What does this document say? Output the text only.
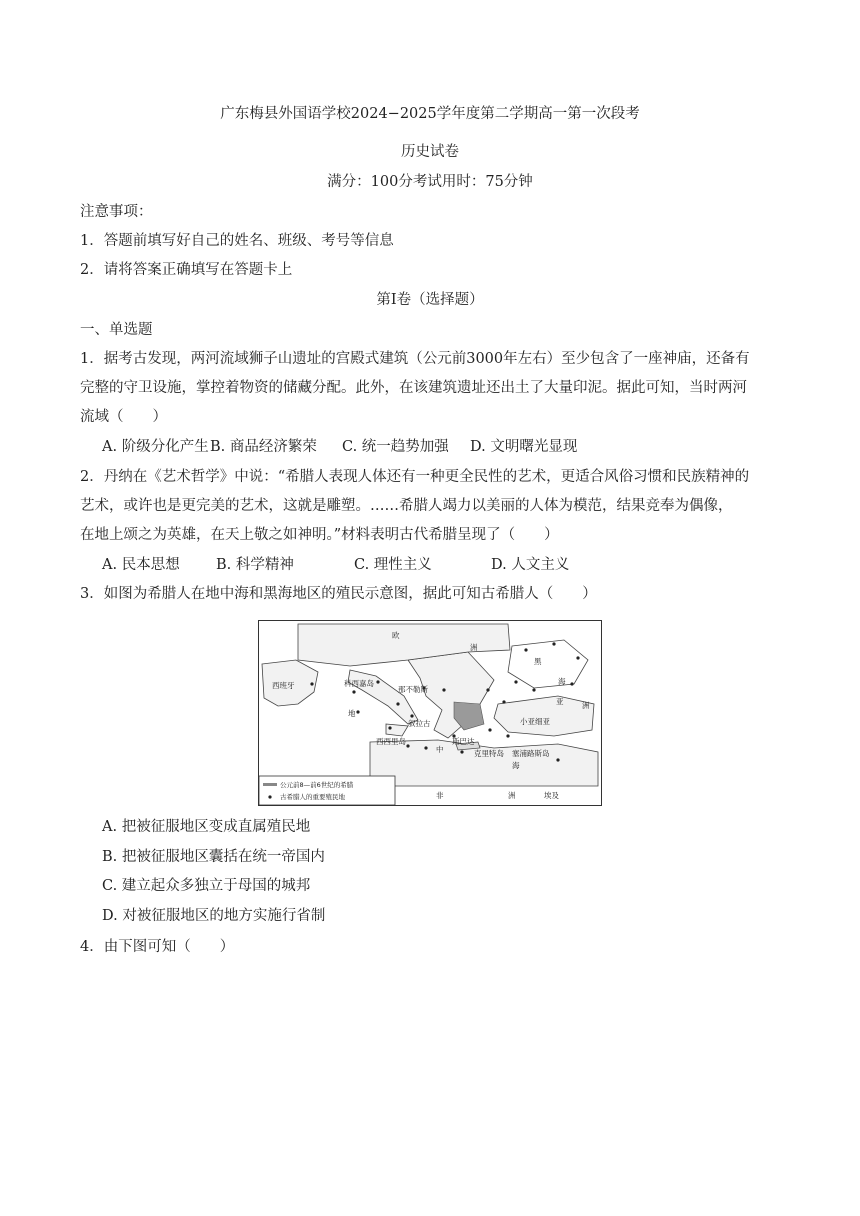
广东梅县外国语学校2024−2025学年度第二学期高一第一次段考
历史试卷
满分：100分考试用时：75分钟
注意事项：
1．答题前填写好自己的姓名、班级、考号等信息
2．请将答案正确填写在答题卡上
第I卷（选择题）
一、单选题
1．据考古发现，两河流域狮子山遗址的宫殿式建筑（公元前3000年左右）至少包含了一座神庙，还备有
完整的守卫设施，掌控着物资的储藏分配。此外，在该建筑遗址还出土了大量印泥。据此可知，当时两河
流域（　　）
A. 阶级分化产生 B. 商品经济繁荣 C. 统一趋势加强 D. 文明曙光显现
2．丹纳在《艺术哲学》中说：“希腊人表现人体还有一种更全民性的艺术，更适合风俗习惯和民族精神的
艺术，或许也是更完美的艺术，这就是雕塑。……希腊人竭力以美丽的人体为模范，结果竞奉为偶像，
在地上颂之为英雄，在天上敬之如神明。”材料表明古代希腊呈现了（　　）
A. 民本思想	B. 科学精神	C. 理性主义	D. 人文主义
3．如图为希腊人在地中海和黑海地区的殖民示意图，据此可知古希腊人（　　）
欧
洲
西班牙	科西嘉岛
那不勒斯
黑
海
亚 洲
小亚细亚
地
中
海
叙拉古
西西里岛	斯巴达
克里特岛 塞浦路斯岛
非	洲	埃及
公元前8—前6世纪的希腊
古希腊人的重要殖民地
A. 把被征服地区变成直属殖民地
B. 把被征服地区囊括在统一帝国内
C. 建立起众多独立于母国的城邦
D. 对被征服地区的地方实施行省制
4．由下图可知（　　）
